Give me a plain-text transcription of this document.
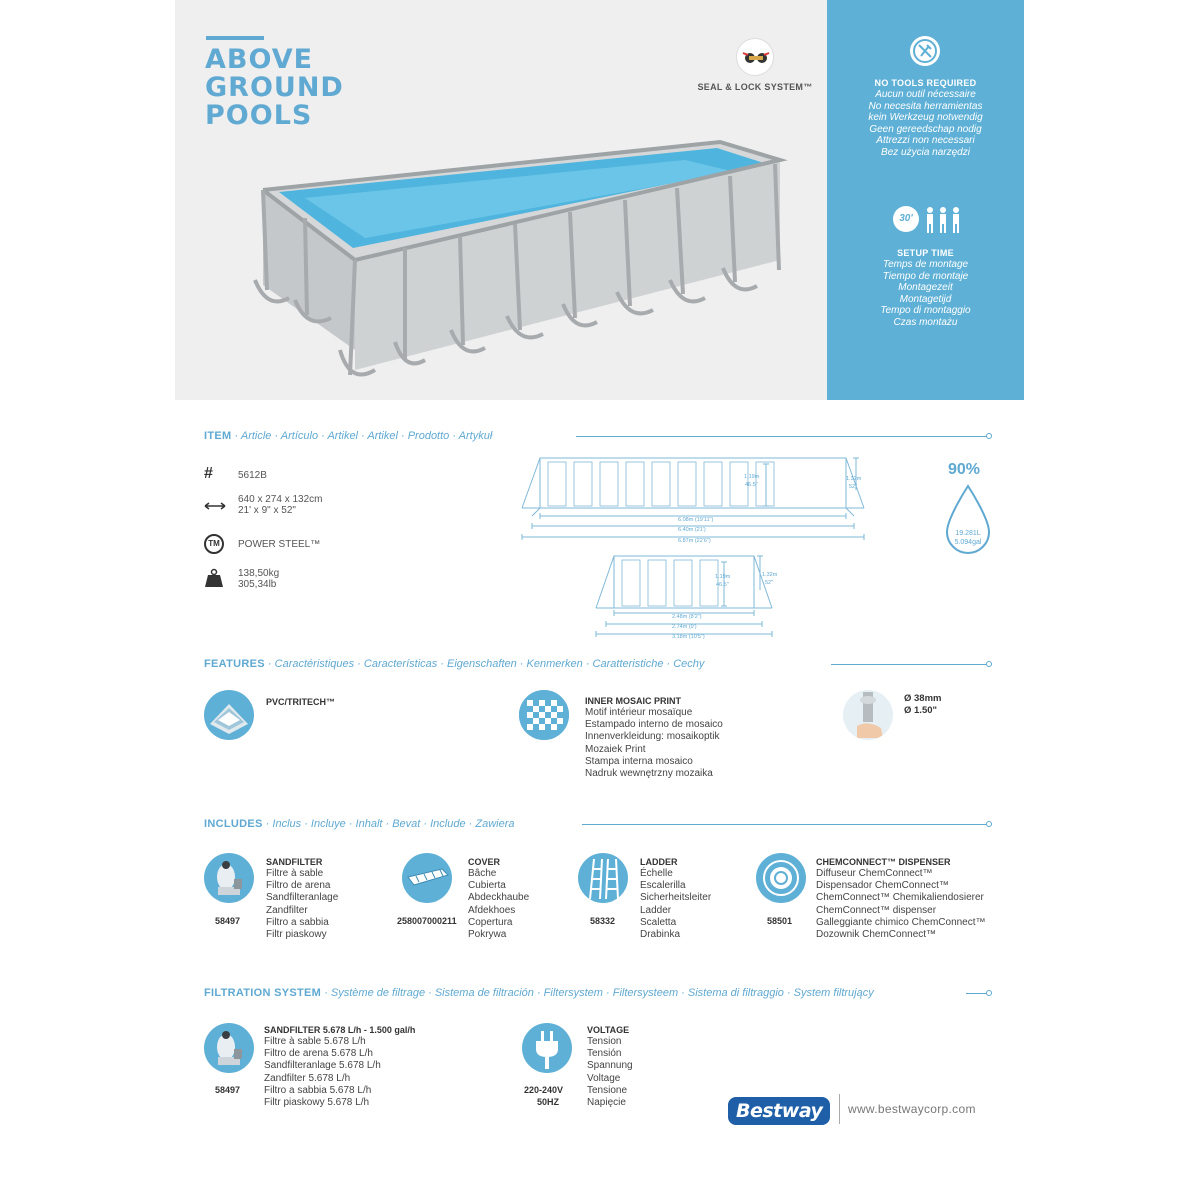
ABOVE
GROUND
POOLS
SEAL & LOCK SYSTEM™	NO TOOLS REQUIRED
Aucun outil nécessaire
No necesita herramientas
kein Werkzeug notwendig
Geen gereedschap nodig
Attrezzi non necessari
Bez użycia narzędzi
30'
SETUP TIME
Temps de montage
Tiempo de montaje
Montagezeit
Montagetijd
Tempo di montaggio
Czas montażu
ITEM · Article · Artículo · Artikel · Artikel · Prodotto · Artykuł
#	5612B
640 x 274 x 132cm
21' x 9" x 52"
TM	POWER STEEL™
138,50kg
305,34lb
1.19m
46.5"
1.32m
52"
6.08m (19'11")
6.40m (21')
6.87m (22'6")
1.19m
46.5"
1.32m
52"
2.48m (8'2")
2.74m (9')
3.18m (10'5")
90%
19.281L
5.094gal
FEATURES · Caractéristiques · Características · Eigenschaften · Kenmerken · Caratteristiche · Cechy
PVC/TRITECH™	INNER MOSAIC PRINT
Motif intérieur mosaïque
Estampado interno de mosaico
Innenverkleidung: mosaikoptik
Mozaiek Print
Stampa interna mosaico
Nadruk wewnętrzny mozaika
Ø 38mm
Ø 1.50"
INCLUDES · Inclus · Incluye · Inhalt · Bevat · Include · Zawiera
58497
SANDFILTER
Filtre à sable
Filtro de arena
Sandfilteranlage
Zandfilter
Filtro a sabbia
Filtr piaskowy
258007000211
COVER
Bâche
Cubierta
Abdeckhaube
Afdekhoes
Copertura
Pokrywa
58332
LADDER
Échelle
Escalerilla
Sicherheitsleiter
Ladder
Scaletta
Drabinka
58501
CHEMCONNECT™ DISPENSER
Diffuseur ChemConnect™
Dispensador ChemConnect™
ChemConnect™ Chemikaliendosierer
ChemConnect™ dispenser
Galleggiante chimico ChemConnect™
Dozownik ChemConnect™
FILTRATION SYSTEM · Système de filtrage · Sistema de filtración · Filtersystem · Filtersysteem · Sistema di filtraggio · System filtrujący
58497
SANDFILTER 5.678 L/h - 1.500 gal/h
Filtre à sable 5.678 L/h
Filtro de arena 5.678 L/h
Sandfilteranlage 5.678 L/h
Zandfilter 5.678 L/h
Filtro a sabbia 5.678 L/h
Filtr piaskowy 5.678 L/h
220-240V
50HZ
VOLTAGE
Tension
Tensión
Spannung
Voltage
Tensione
Napięcie	Bestway	www.bestwaycorp.com
